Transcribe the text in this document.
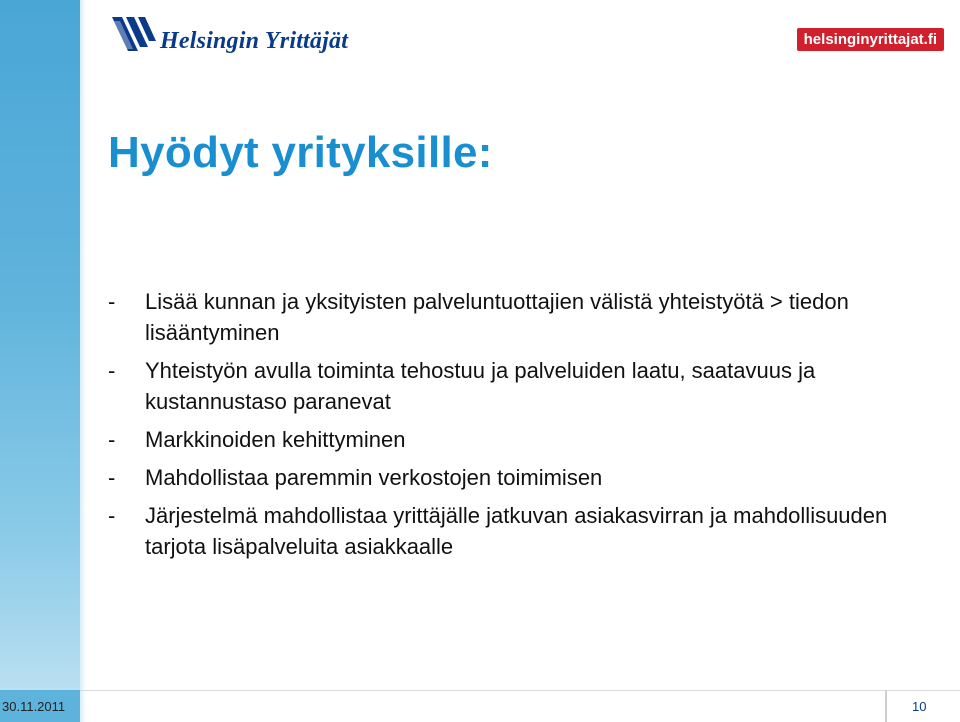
Helsingin Yrittäjät	helsinginyrittajat.fi
Hyödyt yrityksille:
- Lisää kunnan ja yksityisten palveluntuottajien välistä yhteistyötä > tiedon lisääntyminen
- Yhteistyön avulla toiminta tehostuu ja palveluiden laatu, saatavuus ja kustannustaso paranevat
- Markkinoiden kehittyminen
- Mahdollistaa paremmin verkostojen toimimisen
- Järjestelmä mahdollistaa yrittäjälle jatkuvan asiakasvirran ja mahdollisuuden tarjota lisäpalveluita asiakkaalle
30.11.2011	10
